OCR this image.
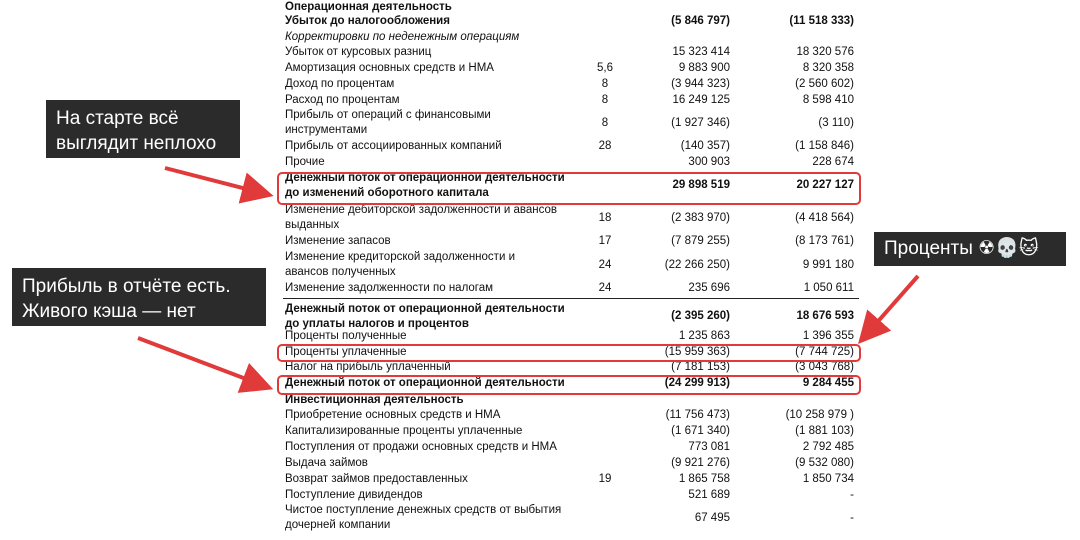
Операционная деятельность
Убыток до налогообложения	(5 846 797)	(11 518 333)
Корректировки по неденежным операциям
Убыток от курсовых разниц	15 323 414	18 320 576
Амортизация основных средств и НМА	5,6	9 883 900	8 320 358
Доход по процентам	8	(3 944 323)	(2 560 602)
Расход по процентам	8	16 249 125	8 598 410
Прибыль от операций с финансовыми
инструментами
8	(1 927 346)	(3 110)
Прибыль от ассоциированных компаний	28	(140 357)	(1 158 846)
Прочие	300 903	228 674
Денежный поток от операционной деятельности
до изменений оборотного капитала
29 898 519	20 227 127
Изменение дебиторской задолженности и авансов
выданных
18	(2 383 970)	(4 418 564)
Изменение запасов	17	(7 879 255)	(8 173 761)
Изменение кредиторской задолженности и
авансов полученных
24	(22 266 250)	9 991 180
Изменение задолженности по налогам	24	235 696	1 050 611
Денежный поток от операционной деятельности
до уплаты налогов и процентов
(2 395 260)	18 676 593
Проценты полученные	1 235 863	1 396 355
Проценты уплаченные	(15 959 363)	(7 744 725)
Налог на прибыль уплаченный	(7 181 153)	(3 043 768)
Денежный поток от операционной деятельности	(24 299 913)	9 284 455
Инвестиционная деятельность
Приобретение основных средств и НМА	(11 756 473)	(10 258 979 )
Капитализированные проценты уплаченные	(1 671 340)	(1 881 103)
Поступления от продажи основных средств и НМА	773 081	2 792 485
Выдача займов	(9 921 276)	(9 532 080)
Возврат займов предоставленных	19	1 865 758	1 850 734
Поступление дивидендов	521 689	-
Чистое поступление денежных средств от выбытия
дочерней компании
67 495	-
На старте всё
выглядит неплохо
Прибыль в отчёте есть.
Живого кэша — нет
Проценты ☢💀🐱
